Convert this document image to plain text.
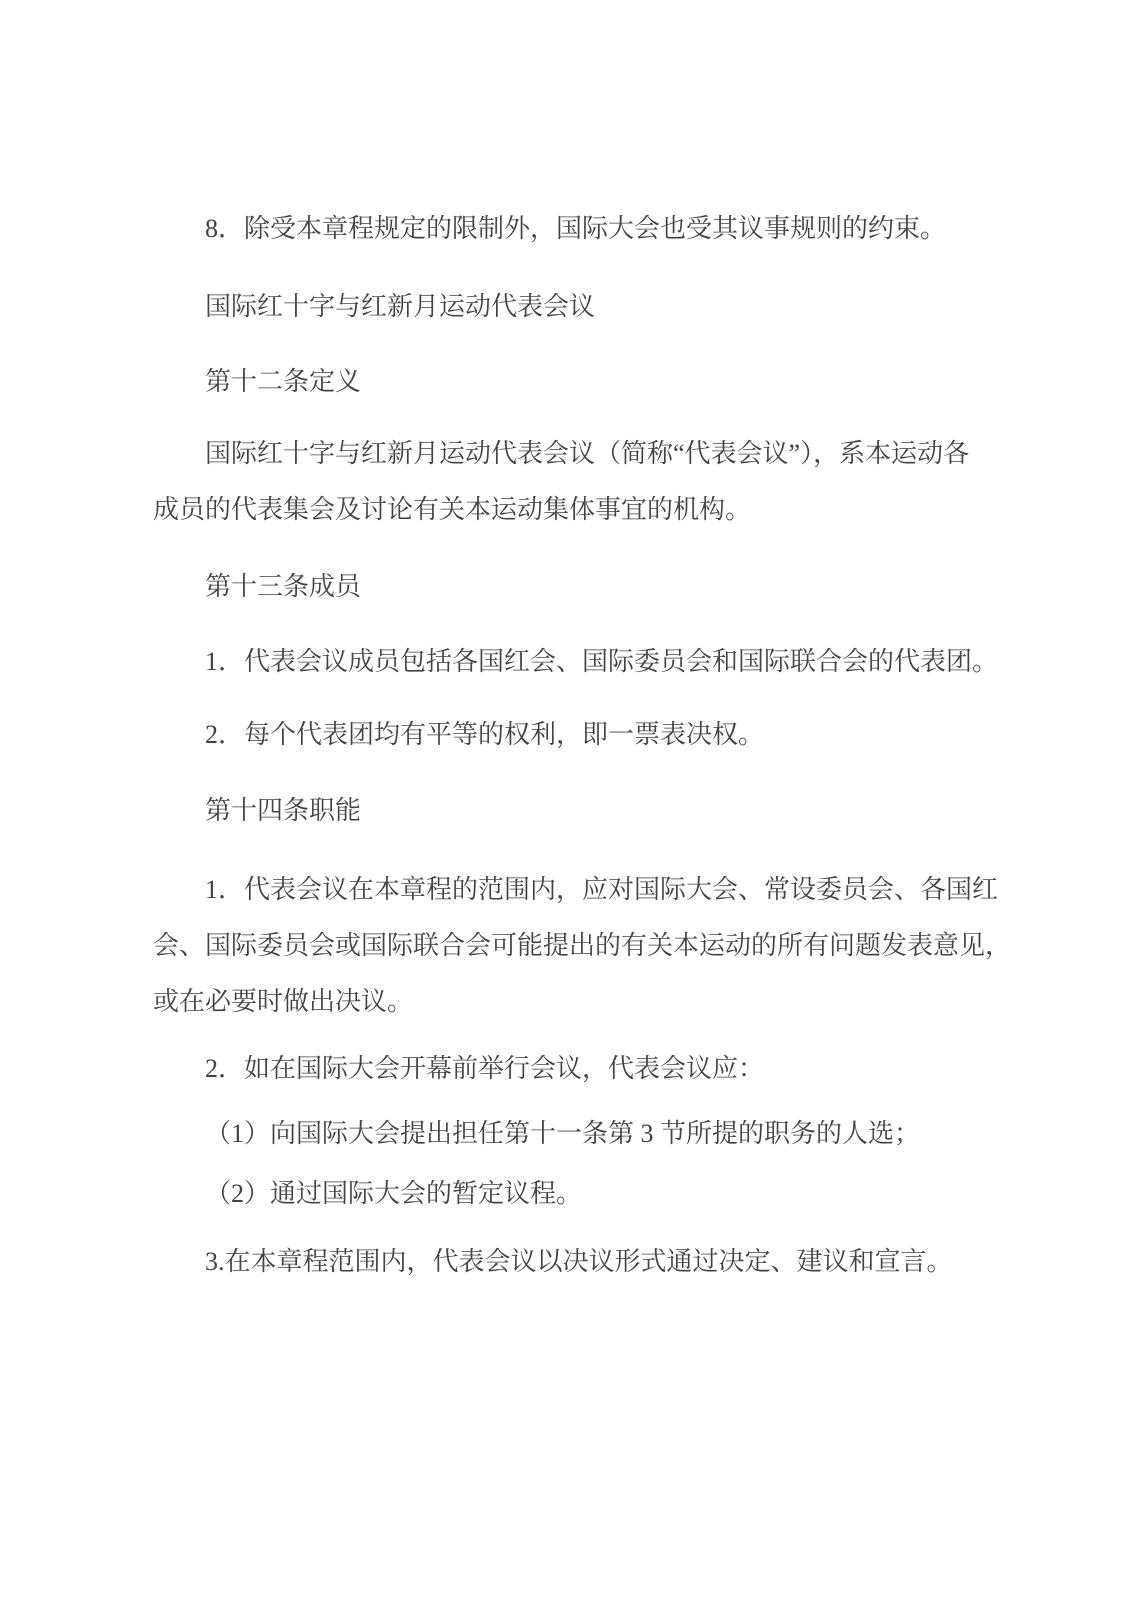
8．除受本章程规定的限制外，国际大会也受其议事规则的约束。
国际红十字与红新月运动代表会议
第十二条定义
国际红十字与红新月运动代表会议（简称“代表会议”），系本运动各
成员的代表集会及讨论有关本运动集体事宜的机构。
第十三条成员
1．代表会议成员包括各国红会、国际委员会和国际联合会的代表团。
2．每个代表团均有平等的权利，即一票表决权。
第十四条职能
1．代表会议在本章程的范围内，应对国际大会、常设委员会、各国红
会、国际委员会或国际联合会可能提出的有关本运动的所有问题发表意见，
或在必要时做出决议。
2．如在国际大会开幕前举行会议，代表会议应：
（1）向国际大会提出担任第十一条第 3 节所提的职务的人选；
（2）通过国际大会的暂定议程。
3.在本章程范围内，代表会议以决议形式通过决定、建议和宣言。
